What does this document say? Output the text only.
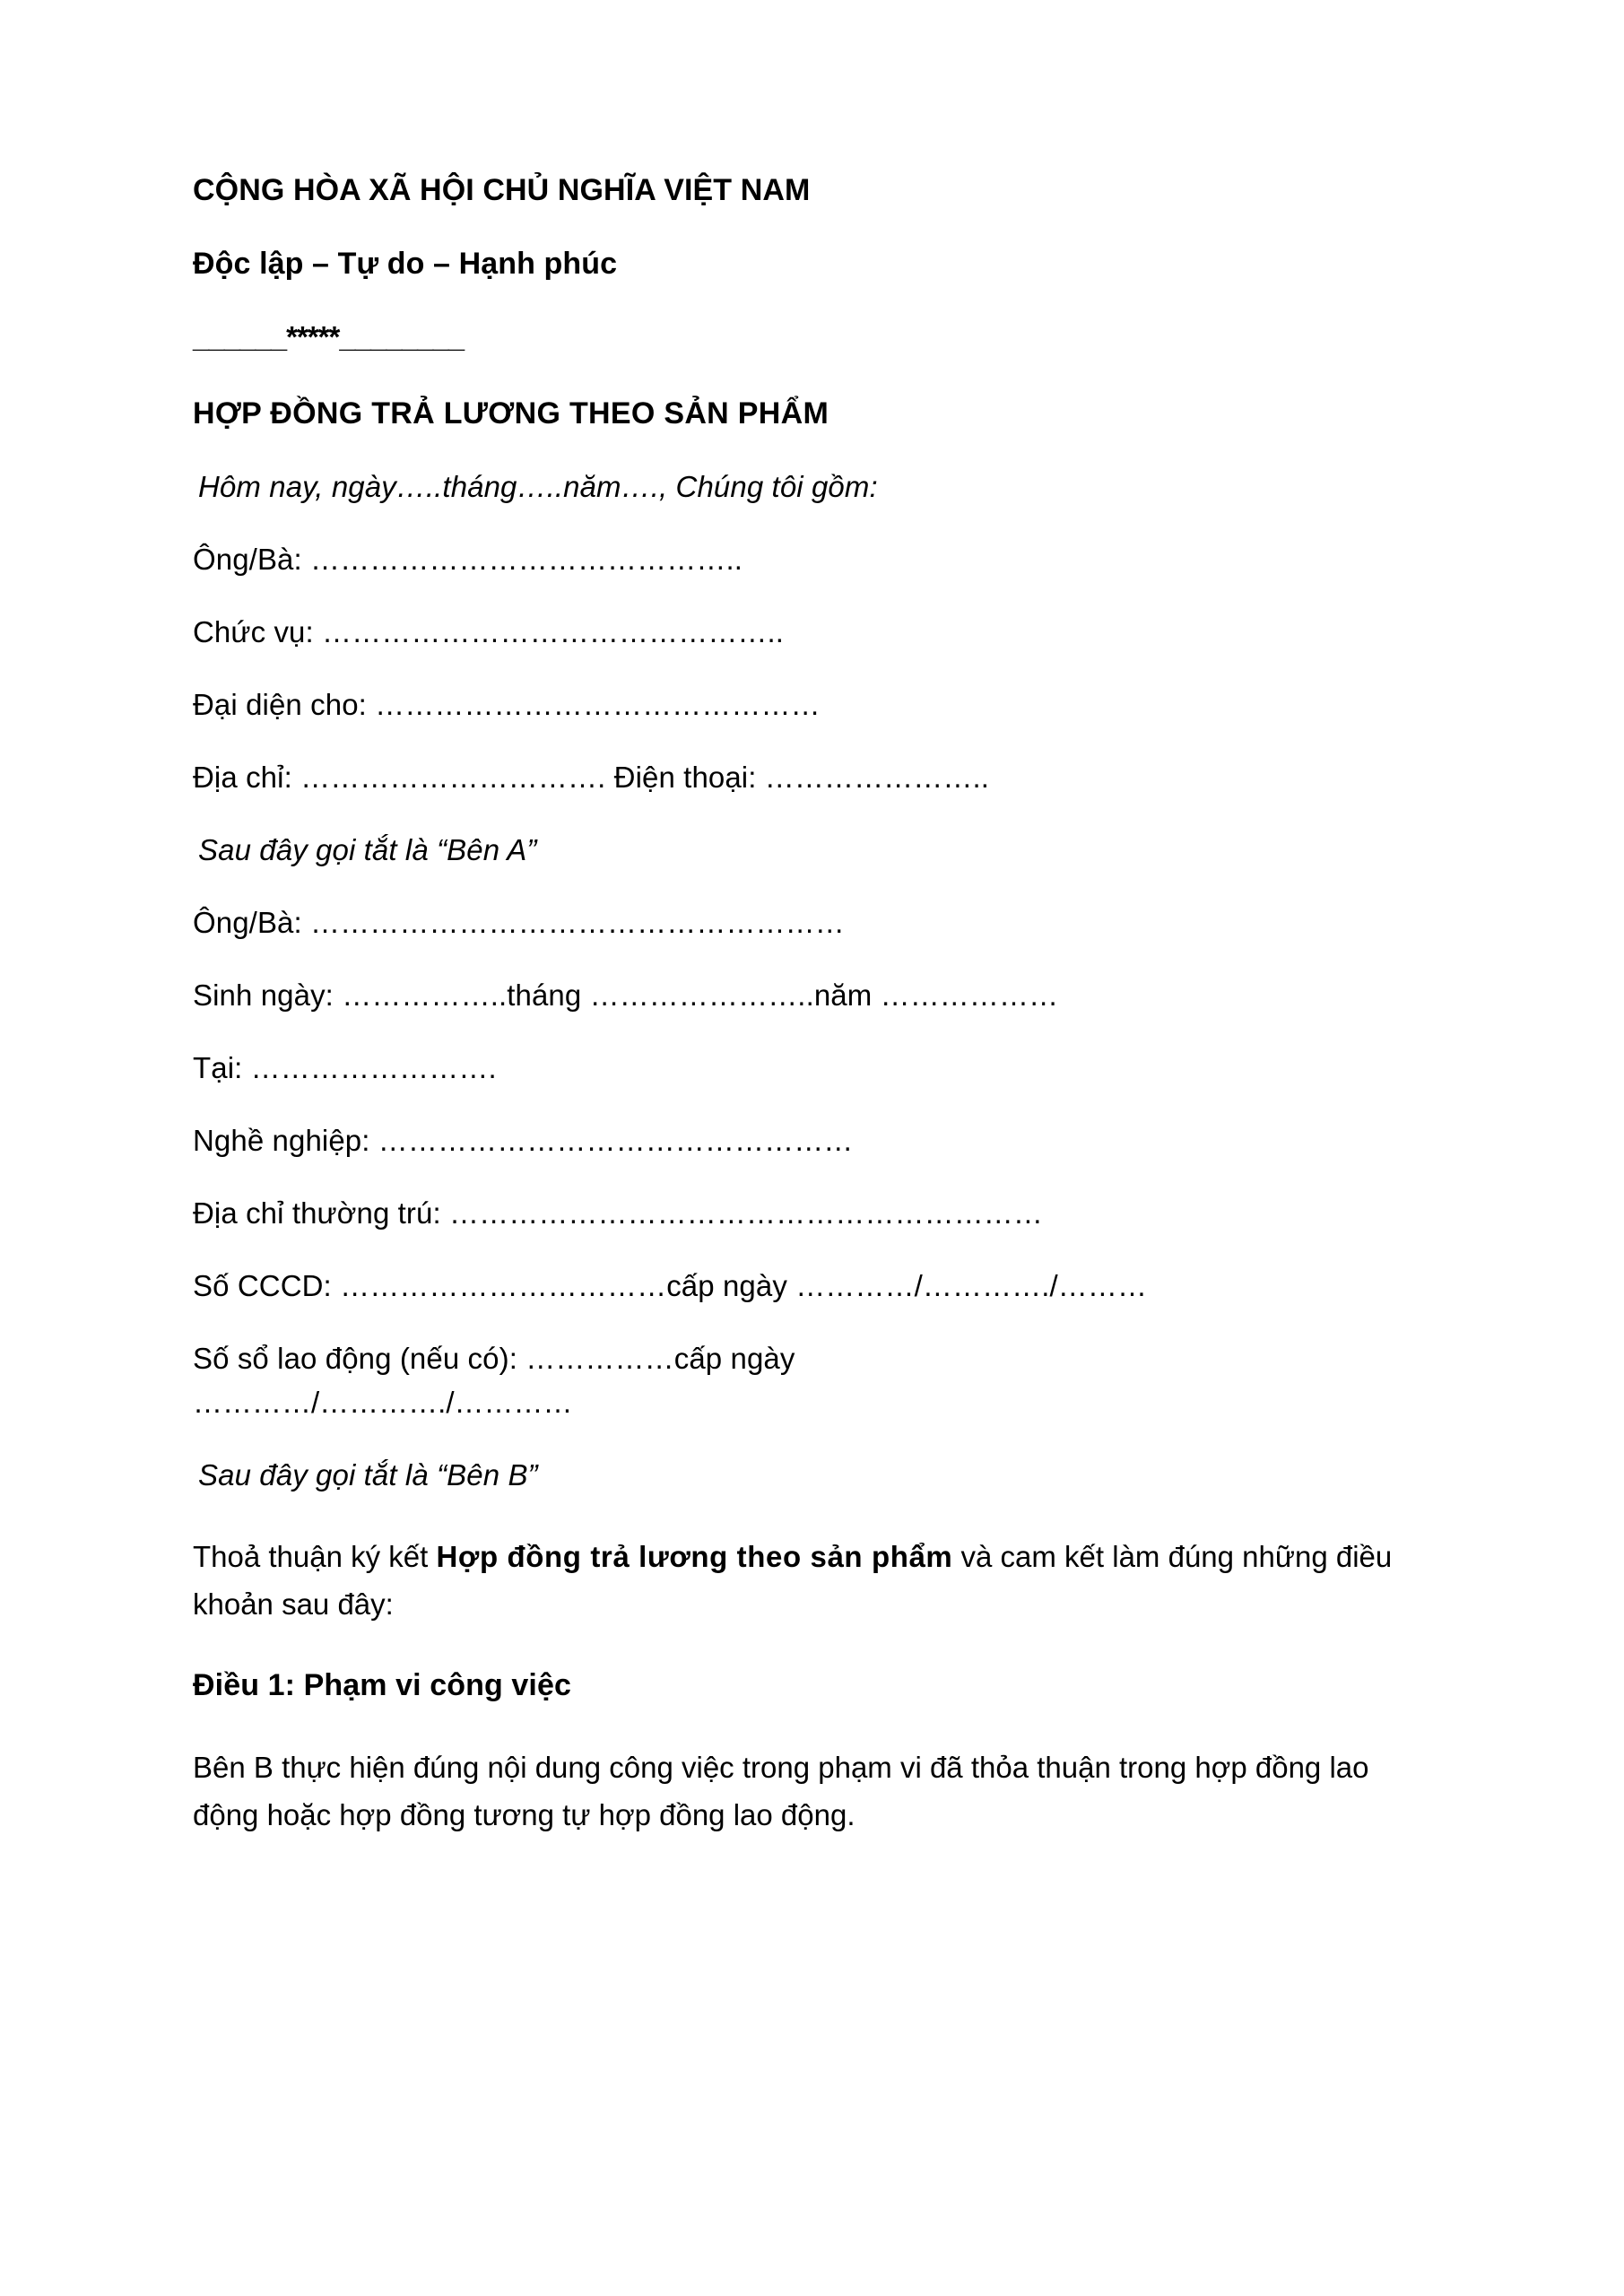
CỘNG HÒA XÃ HỘI CHỦ NGHĨA VIỆT NAM

Độc lập – Tự do – Hạnh phúc

______*****________

HỢP ĐỒNG TRẢ LƯƠNG THEO SẢN PHẨM

Hôm nay, ngày…..tháng…..năm…., Chúng tôi gồm:

Ông/Bà: ……………………………………..

Chức vụ: ………………………………………..

Đại diện cho: ………………………………………

Địa chỉ: …………………………. Điện thoại: …………………..

Sau đây gọi tắt là “Bên A”

Ông/Bà: ………………………………………………

Sinh ngày: ……………..tháng …………………..năm ………………

Tại: …………………….

Nghề nghiệp: …………………………………………

Địa chỉ thường trú: ……………………………………………………

Số CCCD: ……………………………cấp ngày …………/…………./………

Số sổ lao động (nếu có): ……………cấp ngày

…………/…………./…………

Sau đây gọi tắt là “Bên B”

Thoả thuận ký kết Hợp đồng trả lương theo sản phẩm và cam kết làm đúng những điều khoản sau đây:

Điều 1: Phạm vi công việc

Bên B thực hiện đúng nội dung công việc trong phạm vi đã thỏa thuận trong hợp đồng lao động hoặc hợp đồng tương tự hợp đồng lao động.
